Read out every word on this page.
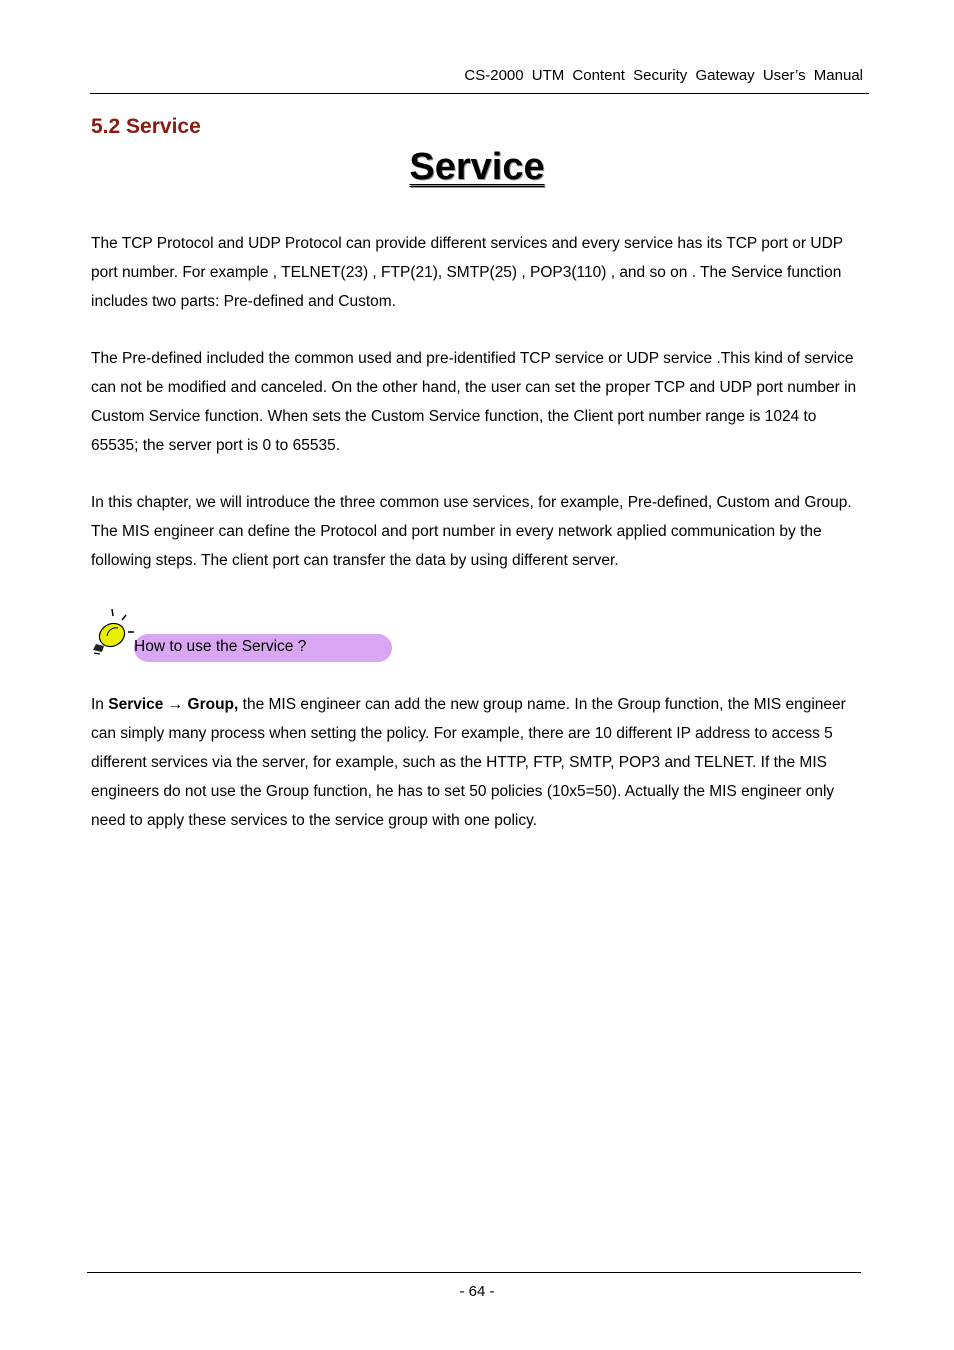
CS-2000 UTM Content Security Gateway User’s Manual
5.2 Service
Service

The TCP Protocol and UDP Protocol can provide different services and every service has its TCP port or UDP port number. For example , TELNET(23) , FTP(21), SMTP(25) , POP3(110) , and so on . The Service function includes two parts: Pre-defined and Custom.

The Pre-defined included the common used and pre-identified TCP service or UDP service .This kind of service can not be modified and canceled. On the other hand, the user can set the proper TCP and UDP port number in Custom Service function. When sets the Custom Service function, the Client port number range is 1024 to 65535; the server port is 0 to 65535.

In this chapter, we will introduce the three common use services, for example, Pre-defined, Custom and Group. The MIS engineer can define the Protocol and port number in every network applied communication by the following steps. The client port can transfer the data by using different server.

How to use the Service ?

In Service → Group, the MIS engineer can add the new group name. In the Group function, the MIS engineer can simply many process when setting the policy. For example, there are 10 different IP address to access 5 different services via the server, for example, such as the HTTP, FTP, SMTP, POP3 and TELNET. If the MIS engineers do not use the Group function, he has to set 50 policies (10x5=50). Actually the MIS engineer only need to apply these services to the service group with one policy.

- 64 -
